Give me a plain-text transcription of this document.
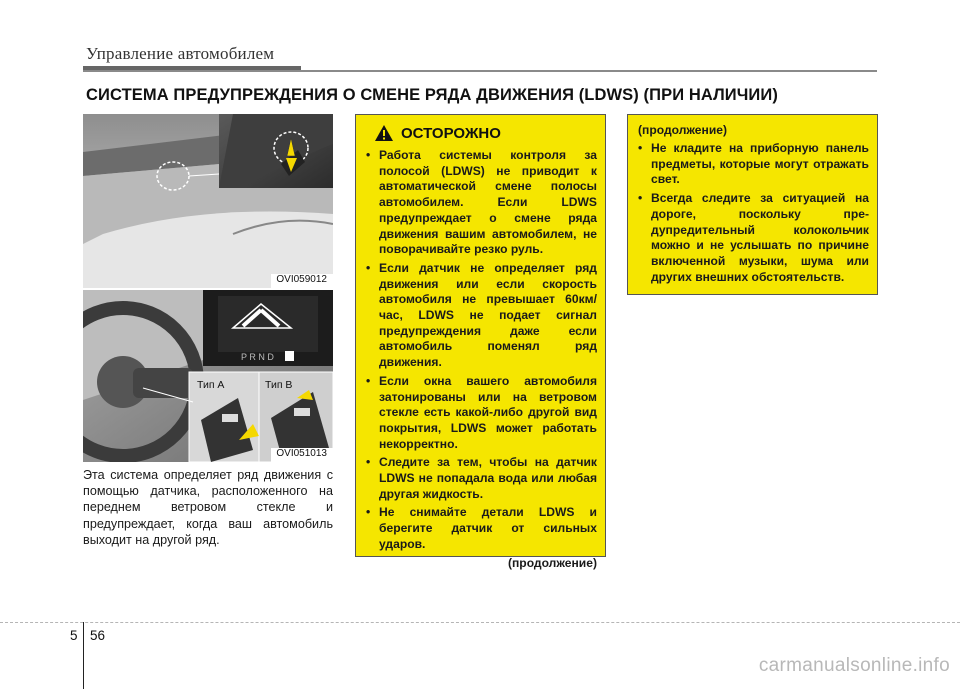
Управление автомобилем
СИСТЕМА ПРЕДУПРЕЖДЕНИЯ О СМЕНЕ РЯДА ДВИЖЕНИЯ (LDWS) (ПРИ НАЛИЧИИ)
OVI059012
P R N D
Тип A	Тип B
OVI051013
Эта система определяет ряд движения с помощью датчика, расположенного на переднем ветровом стекле и предупреждает, когда ваш автомобиль выходит на другой ряд.
ОСТОРОЖНО
• Работа системы контроля за полосой (LDWS) не приводит к автоматической смене полосы автомобилем. Если LDWS предупреждает о смене ряда движения вашим автомобилем, не поворачивайте резко руль.
• Если датчик не определяет ряд движения или если скорость автомобиля не превышает 60км/час, LDWS не подает сигнал предупреждения даже если автомобиль поменял ряд движения.
• Если окна вашего автомобиля затонированы или на ветровом стекле есть какой-либо другой вид покрытия, LDWS может работать некорректно.
• Следите за тем, чтобы на датчик LDWS не попадала вода или любая другая жидкость.
• Не снимайте детали LDWS и берегите датчик от сильных ударов.
(продолжение)
(продолжение)
• Не кладите на приборную панель предметы, которые могут отражать свет.
• Всегда следите за ситуацией на дороге, поскольку пре- дупредительный колокольчик можно и не услышать по причине включенной музыки, шума или других внешних обстоятельств.
5 56
carmanualsonline.info
